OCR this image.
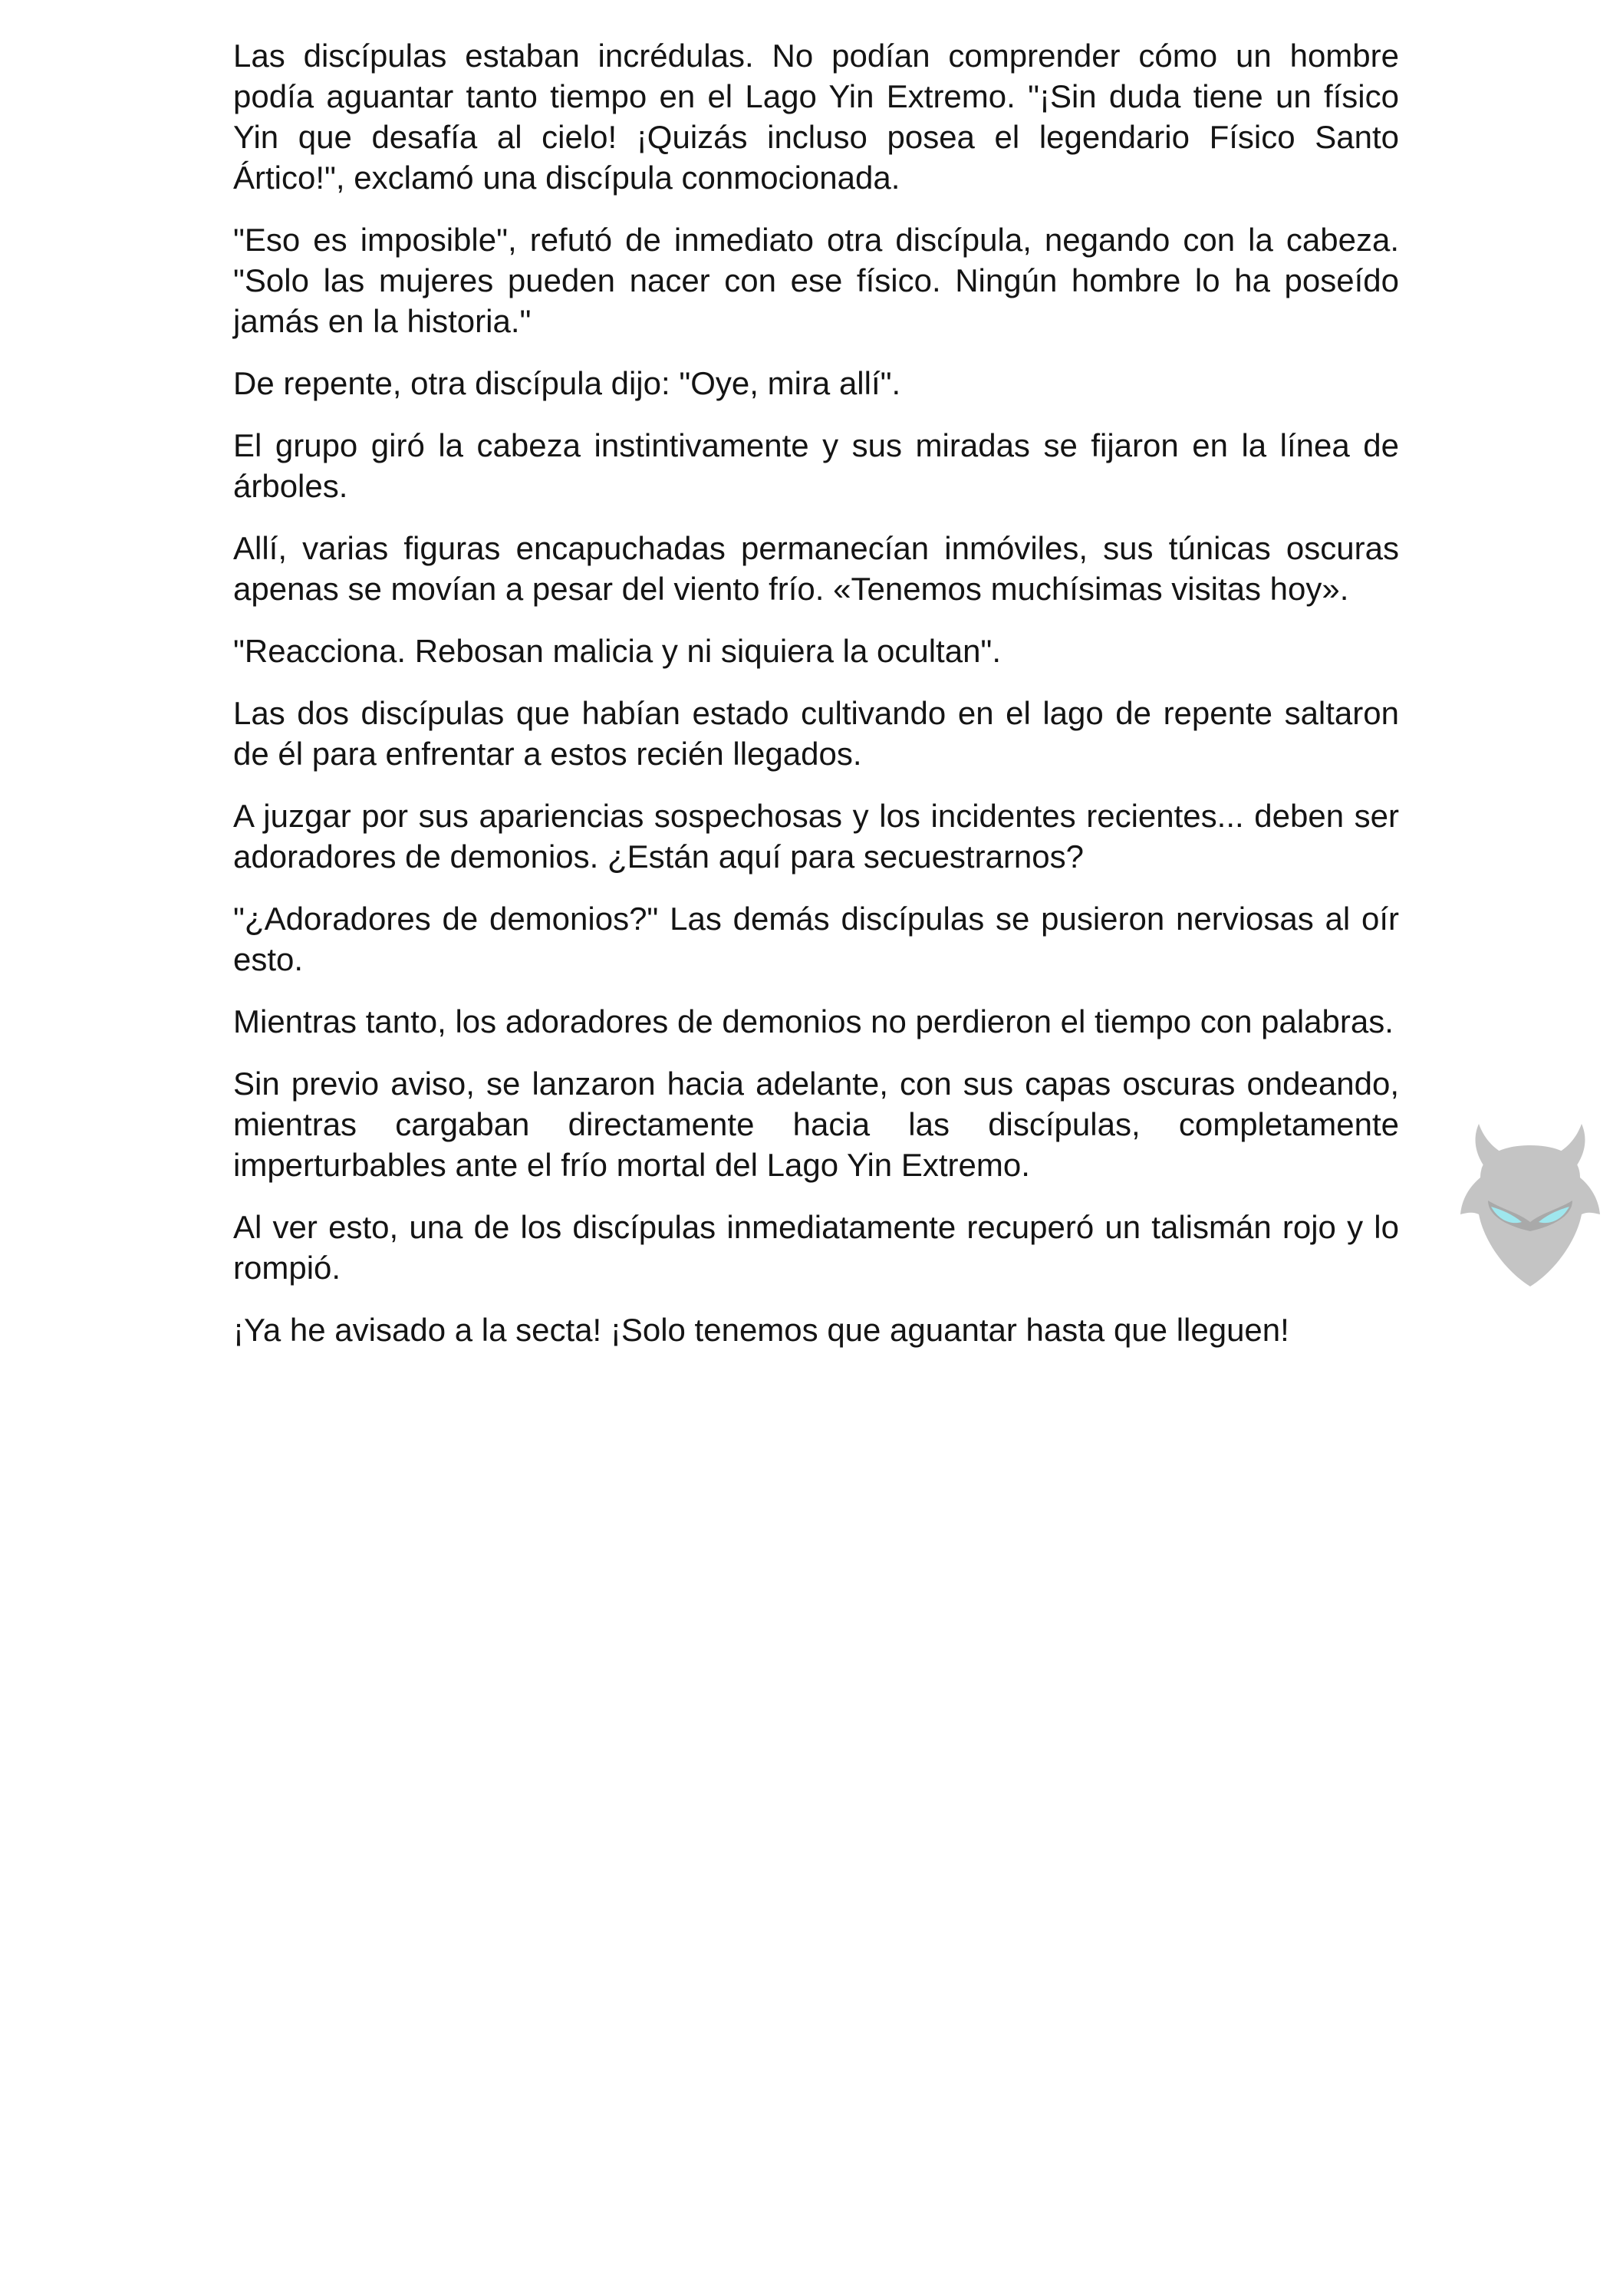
Las discípulas estaban incrédulas. No podían comprender cómo un hombre podía aguantar tanto tiempo en el Lago Yin Extremo. "¡Sin duda tiene un físico Yin que desafía al cielo! ¡Quizás incluso posea el legendario Físico Santo Ártico!", exclamó una discípula conmocionada.

"Eso es imposible", refutó de inmediato otra discípula, negando con la cabeza. "Solo las mujeres pueden nacer con ese físico. Ningún hombre lo ha poseído jamás en la historia."

De repente, otra discípula dijo: "Oye, mira allí".

El grupo giró la cabeza instintivamente y sus miradas se fijaron en la línea de árboles.

Allí, varias figuras encapuchadas permanecían inmóviles, sus túnicas oscuras apenas se movían a pesar del viento frío. «Tenemos muchísimas visitas hoy».

"Reacciona. Rebosan malicia y ni siquiera la ocultan".

Las dos discípulas que habían estado cultivando en el lago de repente saltaron de él para enfrentar a estos recién llegados.

A juzgar por sus apariencias sospechosas y los incidentes recientes... deben ser adoradores de demonios. ¿Están aquí para secuestrarnos?

"¿Adoradores de demonios?" Las demás discípulas se pusieron nerviosas al oír esto.

Mientras tanto, los adoradores de demonios no perdieron el tiempo con palabras.

Sin previo aviso, se lanzaron hacia adelante, con sus capas oscuras ondeando, mientras cargaban directamente hacia las discípulas, completamente imperturbables ante el frío mortal del Lago Yin Extremo.

Al ver esto, una de los discípulas inmediatamente recuperó un talismán rojo y lo rompió.

¡Ya he avisado a la secta! ¡Solo tenemos que aguantar hasta que lleguen!
